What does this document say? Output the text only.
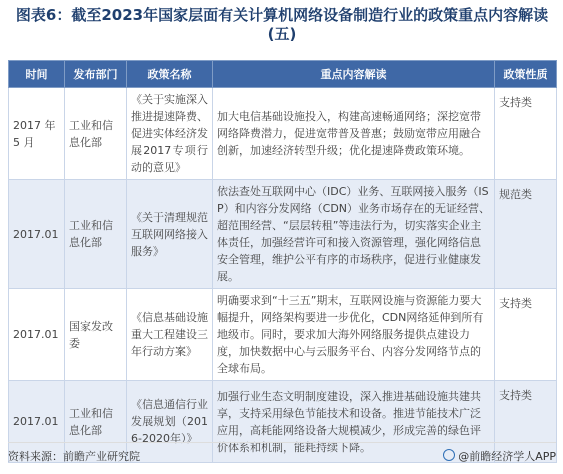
图表6：截至2023年国家层面有关计算机网络设备制造行业的政策重点内容解读(五)
时间	发布部门	政策名称	重点内容解读	政策性质
2017 年 5 月	工业和信息化部	《关于实施深入推进提速降费、促进实体经济发展2017专项行动的意见》	加大电信基础设施投入，构建高速畅通网络；深挖宽带网络降费潜力，促进宽带普及普惠；鼓励宽带应用融合创新，加速经济转型升级；优化提速降费政策环境。	支持类
2017.01	工业和信息化部	《关于清理规范互联网网络接入服务》	依法查处互联网中心（IDC）业务、互联网接入服务（ISP）和内容分发网络（CDN）业务市场存在的无证经营、超范围经营、“层层转租”等违法行为，切实落实企业主体责任，加强经营许可和接入资源管理，强化网络信息安全管理，维护公平有序的市场秩序，促进行业健康发展。	规范类
2017.01	国家发改委	《信息基础设施重大工程建设三年行动方案》	明确要求到“十三五”期末，互联网设施与资源能力要大幅提升，网络架构要进一步优化，CDN网络延伸到所有地级市。同时，要求加大海外网络服务提供点建设力度，加快数据中心与云服务平台、内容分发网络节点的全球布局。	支持类
2017.01	工业和信息化部	《信息通信行业发展规划（2016-2020年）》	加强行业生态文明制度建设，深入推进基础设施共建共享，支持采用绿色节能技术和设备。推进节能技术广泛应用，高耗能网络设备大规模减少，形成完善的绿色评价体系和机制，能耗持续下降。	支持类
资料来源：前瞻产业研究院	@前瞻经济学人APP
